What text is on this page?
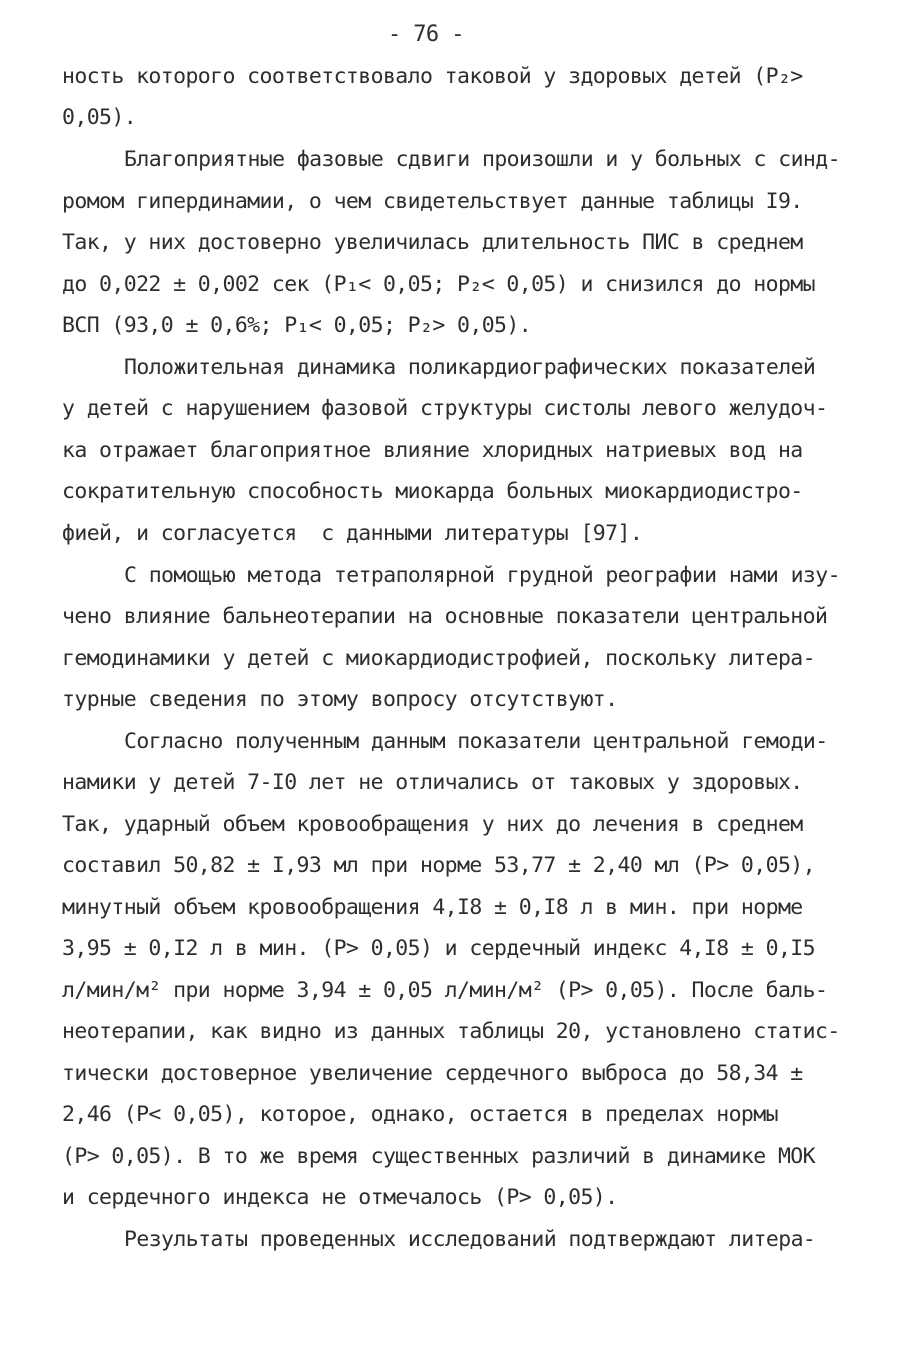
- 76 -
ность которого соответствовало таковой у здоровых детей (P₂>
0,05).
Благоприятные фазовые сдвиги произошли и у больных с синд-
ромом гипердинамии, о чем свидетельствует данные таблицы I9.
Так, у них достоверно увеличилась длительность ПИС в среднем
до 0,022 ± 0,002 сек (P₁< 0,05; P₂< 0,05) и снизился до нормы
ВСП (93,0 ± 0,6%; P₁< 0,05; P₂> 0,05).
Положительная динамика поликардиографических показателей
у детей с нарушением фазовой структуры систолы левого желудоч-
ка отражает благоприятное влияние хлоридных натриевых вод на
сократительную способность миокарда больных миокардиодистро-
фией, и согласуется  с данными литературы [97].
С помощью метода тетраполярной грудной реографии нами изу-
чено влияние бальнеотерапии на основные показатели центральной
гемодинамики у детей с миокардиодистрофией, поскольку литера-
турные сведения по этому вопросу отсутствуют.
Согласно полученным данным показатели центральной гемоди-
намики у детей 7-I0 лет не отличались от таковых у здоровых.
Так, ударный объем кровообращения у них до лечения в среднем
составил 50,82 ± I,93 мл при норме 53,77 ± 2,40 мл (P> 0,05),
минутный объем кровообращения 4,I8 ± 0,I8 л в мин. при норме
3,95 ± 0,I2 л в мин. (P> 0,05) и сердечный индекс 4,I8 ± 0,I5
л/мин/м² при норме 3,94 ± 0,05 л/мин/м² (P> 0,05). После баль-
неотерапии, как видно из данных таблицы 20, установлено статис-
тически достоверное увеличение сердечного выброса до 58,34 ±
2,46 (P< 0,05), которое, однако, остается в пределах нормы
(P> 0,05). В то же время существенных различий в динамике МОК
и сердечного индекса не отмечалось (P> 0,05).
Результаты проведенных исследований подтверждают литера-
